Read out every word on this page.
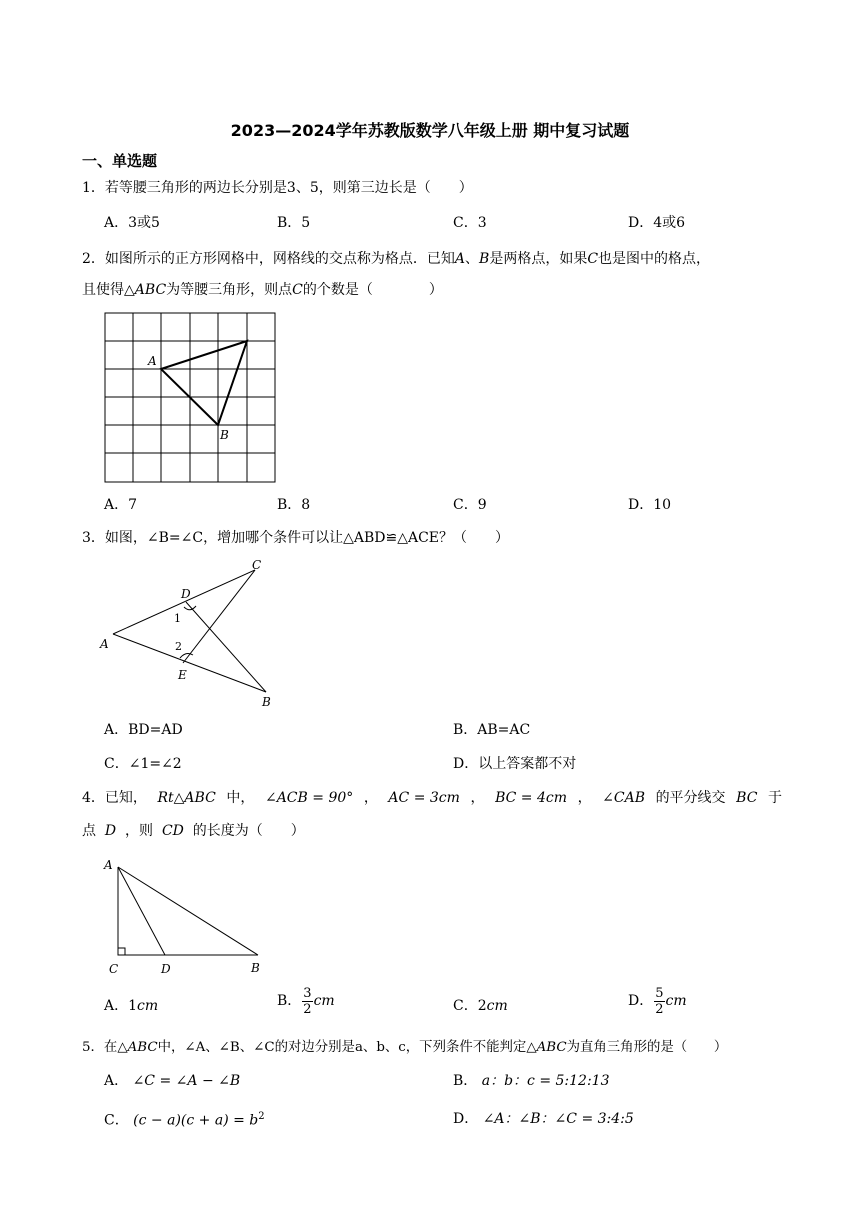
2023—2024学年苏教版数学八年级上册 期中复习试题
一、单选题
1．若等腰三角形的两边长分别是3、5，则第三边长是（　　）
A．3或5	B．5	C．3	D．4或6
2．如图所示的正方形网格中，网格线的交点称为格点．已知A、B是两格点，如果C也是图中的格点，
且使得△ABC为等腰三角形，则点C的个数是（　　　　）
A
B
A．7	B．8	C．9	D．10
3．如图，∠B=∠C，增加哪个条件可以让△ABD≌△ACE？（　　）
A
B
C
D
E
1
2
A．BD=AD	B．AB=AC
C．∠1=∠2	D．以上答案都不对
4．已知， Rt△ABC 中， ∠ACB = 90° ， AC = 3cm ， BC = 4cm ， ∠CAB 的平分线交 BC 于
点 D ，则 CD 的长度为（　　）
A
B
C	D
A．1cm	B． $\frac{3}{2}$ cm	C．2cm	D． $\frac{5}{2}$ cm
5．在△ABC中，∠A、∠B、∠C的对边分别是a、b、c，下列条件不能判定△ABC为直角三角形的是（　　）
A． ∠C = ∠A − ∠B	B． a：b：c = 5:12:13
C． $(c - a)(c + a) = b^2$	D． ∠A：∠B：∠C = 3:4:5
